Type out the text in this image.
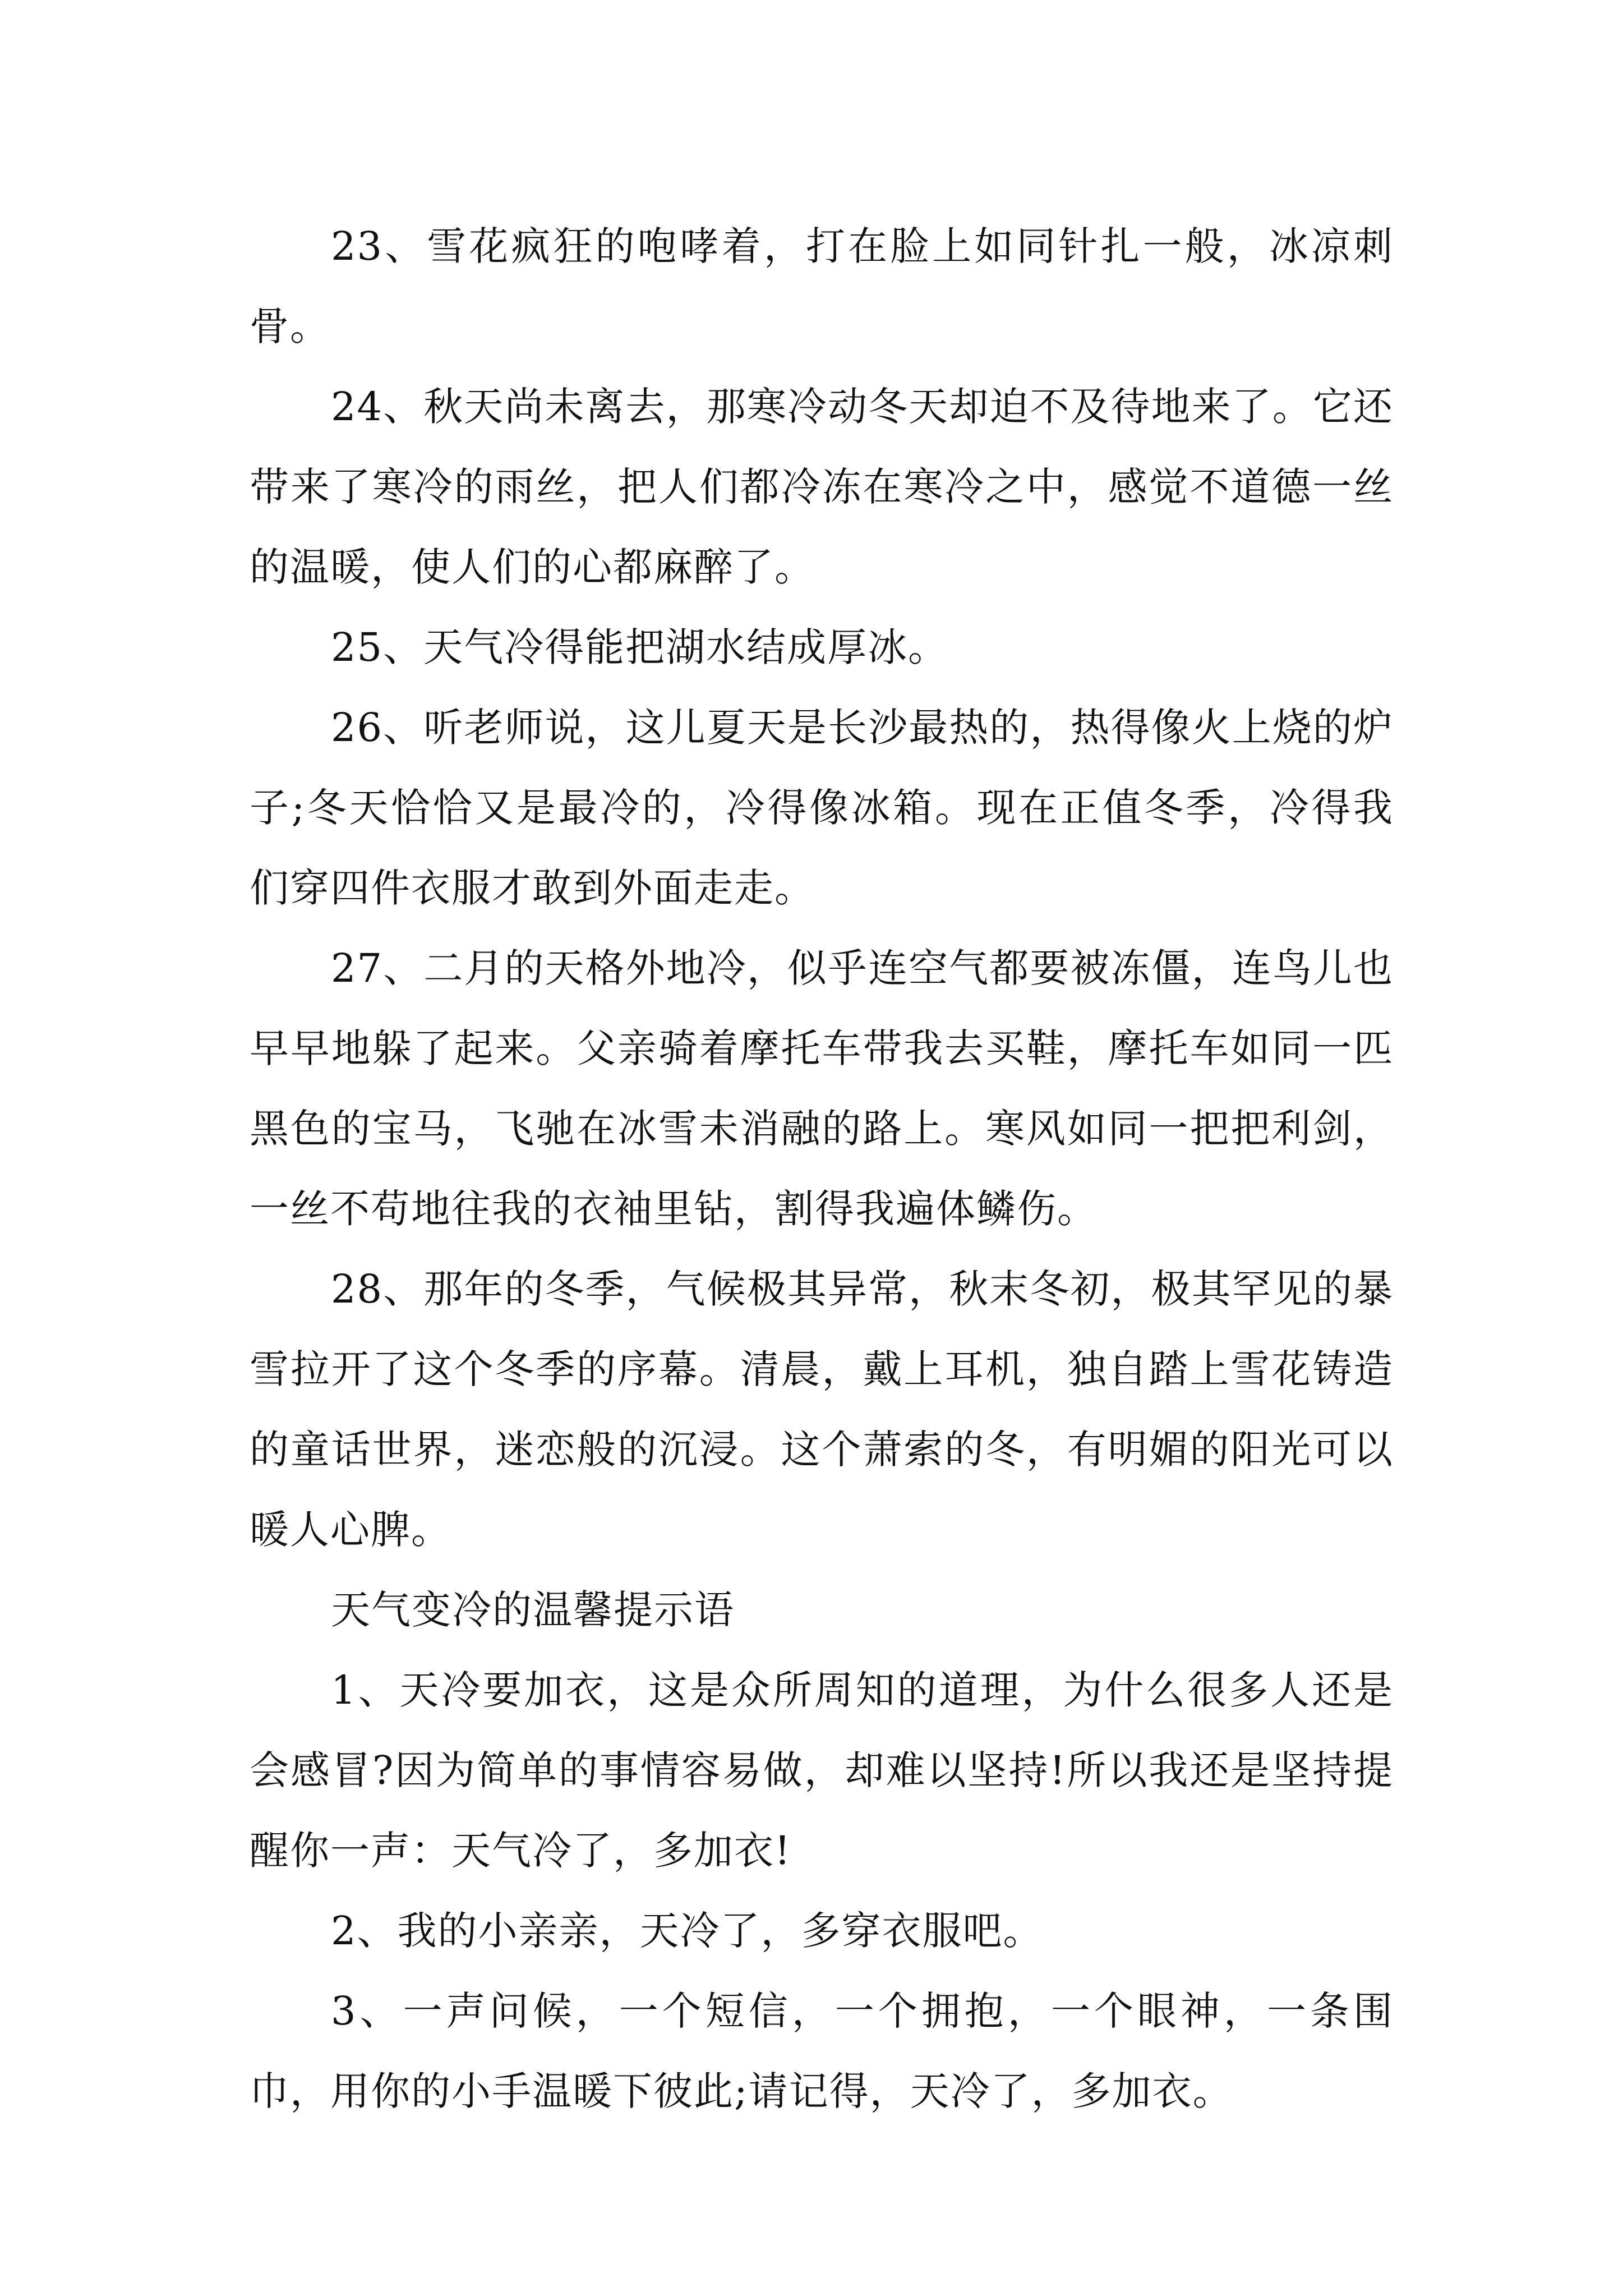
23、雪花疯狂的咆哮着，打在脸上如同针扎一般，冰凉刺骨。

24、秋天尚未离去，那寒冷动冬天却迫不及待地来了。它还带来了寒冷的雨丝，把人们都冷冻在寒冷之中，感觉不道德一丝的温暖，使人们的心都麻醉了。

25、天气冷得能把湖水结成厚冰。

26、听老师说，这儿夏天是长沙最热的，热得像火上烧的炉子;冬天恰恰又是最冷的，冷得像冰箱。现在正值冬季，冷得我们穿四件衣服才敢到外面走走。

27、二月的天格外地冷，似乎连空气都要被冻僵，连鸟儿也早早地躲了起来。父亲骑着摩托车带我去买鞋，摩托车如同一匹黑色的宝马，飞驰在冰雪未消融的路上。寒风如同一把把利剑，一丝不苟地往我的衣袖里钻，割得我遍体鳞伤。

28、那年的冬季，气候极其异常，秋末冬初，极其罕见的暴雪拉开了这个冬季的序幕。清晨，戴上耳机，独自踏上雪花铸造的童话世界，迷恋般的沉浸。这个萧索的冬，有明媚的阳光可以暖人心脾。

天气变冷的温馨提示语

1、天冷要加衣，这是众所周知的道理，为什么很多人还是会感冒?因为简单的事情容易做，却难以坚持!所以我还是坚持提醒你一声：天气冷了，多加衣!

2、我的小亲亲，天冷了，多穿衣服吧。

3、一声问候，一个短信，一个拥抱，一个眼神，一条围巾，用你的小手温暖下彼此;请记得，天冷了，多加衣。
